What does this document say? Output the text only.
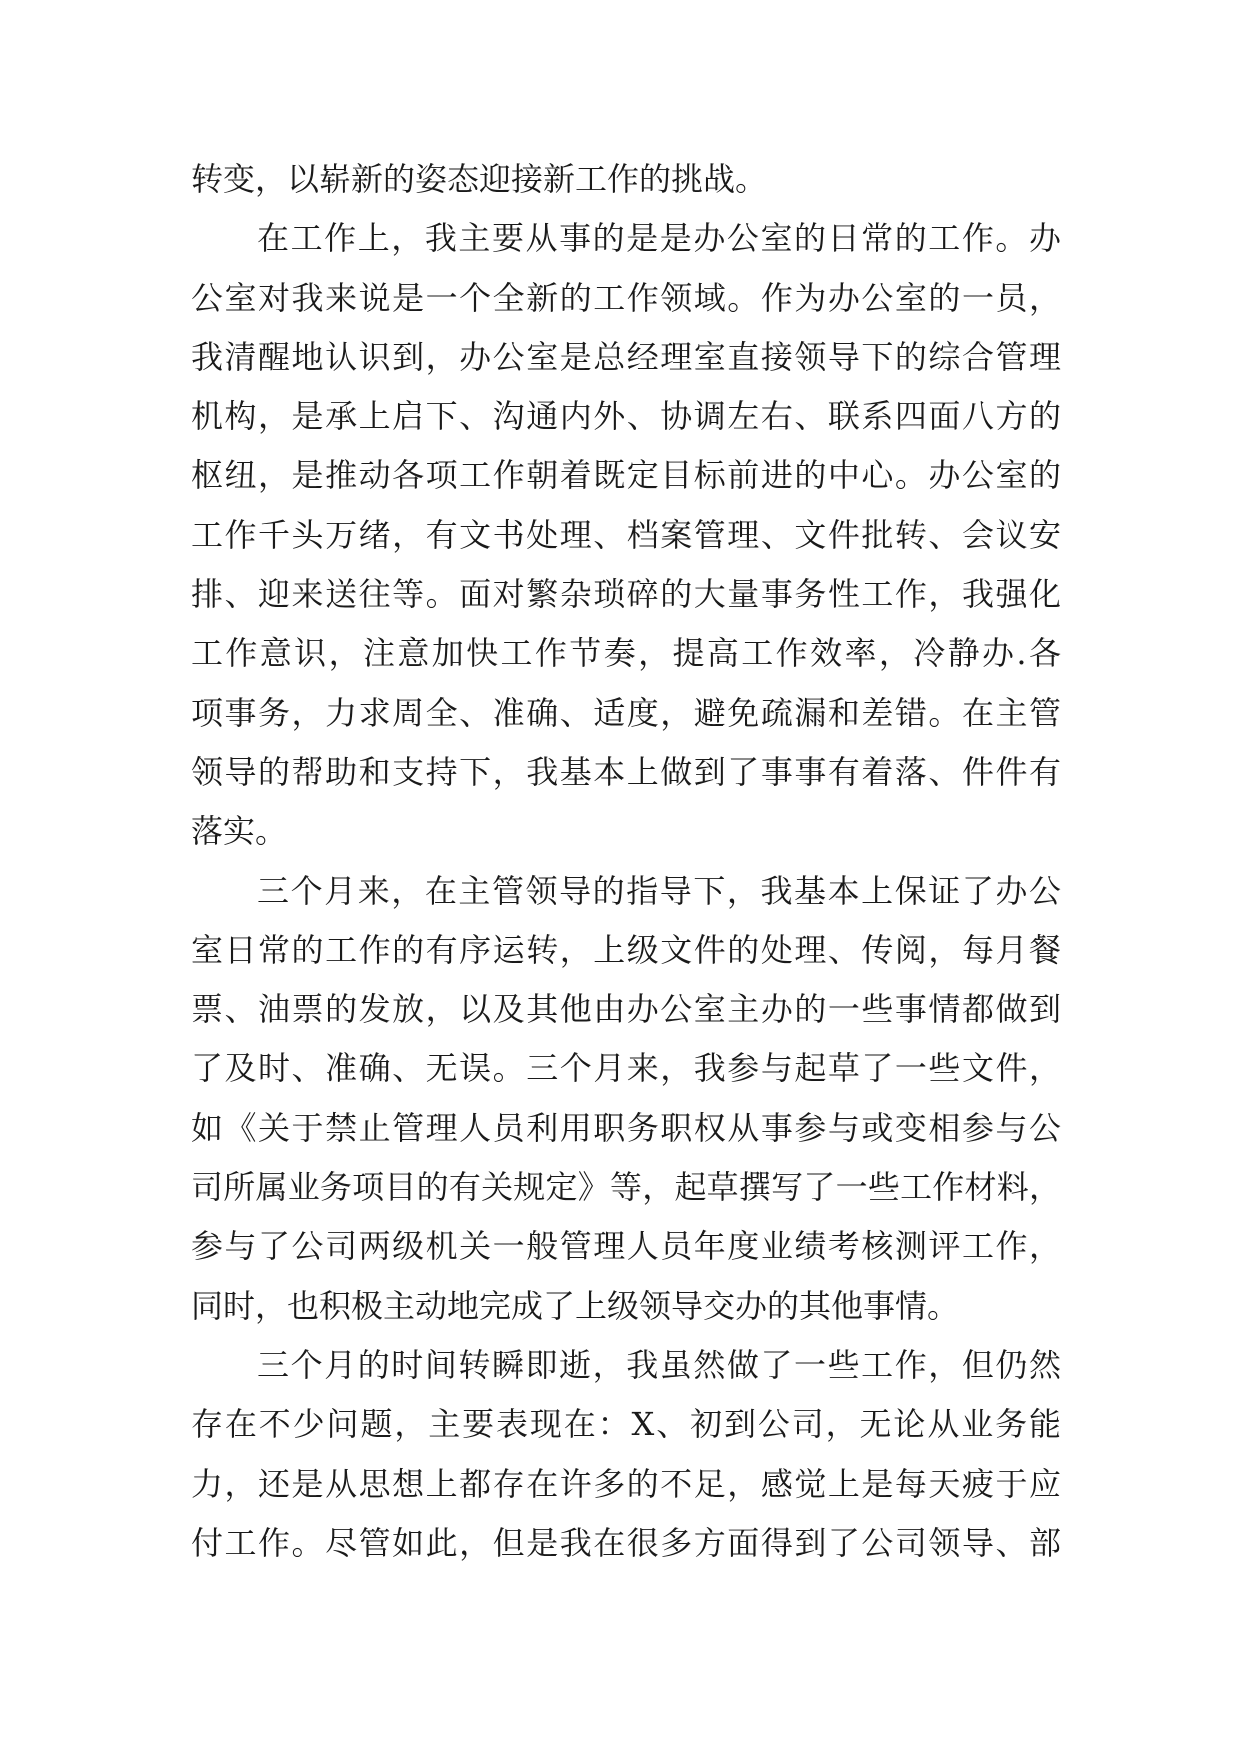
转变，以崭新的姿态迎接新工作的挑战。
在工作上，我主要从事的是是办公室的日常的工作。办
公室对我来说是一个全新的工作领域。作为办公室的一员，
我清醒地认识到，办公室是总经理室直接领导下的综合管理
机构，是承上启下、沟通内外、协调左右、联系四面八方的
枢纽，是推动各项工作朝着既定目标前进的中心。办公室的
工作千头万绪，有文书处理、档案管理、文件批转、会议安
排、迎来送往等。面对繁杂琐碎的大量事务性工作，我强化
工作意识，注意加快工作节奏，提高工作效率，冷静办.各
项事务，力求周全、准确、适度，避免疏漏和差错。在主管
领导的帮助和支持下，我基本上做到了事事有着落、件件有
落实。
三个月来，在主管领导的指导下，我基本上保证了办公
室日常的工作的有序运转，上级文件的处理、传阅，每月餐
票、油票的发放，以及其他由办公室主办的一些事情都做到
了及时、准确、无误。三个月来，我参与起草了一些文件，
如《关于禁止管理人员利用职务职权从事参与或变相参与公
司所属业务项目的有关规定》等，起草撰写了一些工作材料，
参与了公司两级机关一般管理人员年度业绩考核测评工作，
同时，也积极主动地完成了上级领导交办的其他事情。
三个月的时间转瞬即逝，我虽然做了一些工作，但仍然
存在不少问题，主要表现在：X、初到公司，无论从业务能
力，还是从思想上都存在许多的不足，感觉上是每天疲于应
付工作。尽管如此，但是我在很多方面得到了公司领导、部
